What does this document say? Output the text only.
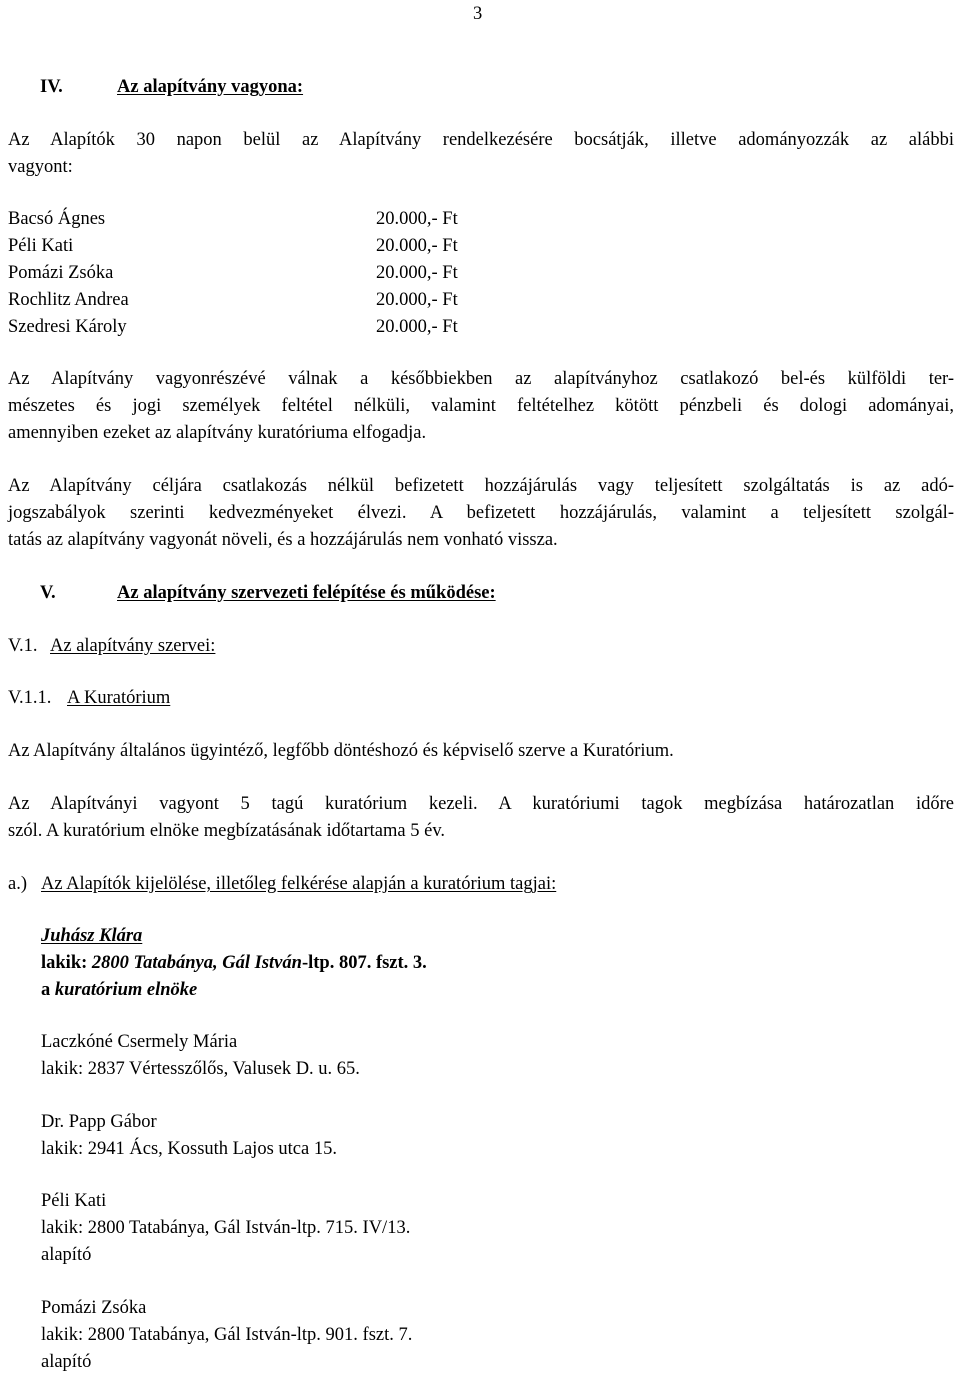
3
IV.	Az alapítvány vagyona:
Az Alapítók 30 napon belül az Alapítvány rendelkezésére bocsátják, illetve adományozzák az alábbi
vagyont:
Bacsó Ágnes	20.000,- Ft
Péli Kati	20.000,- Ft
Pomázi Zsóka	20.000,- Ft
Rochlitz Andrea	20.000,- Ft
Szedresi Károly	20.000,- Ft
Az Alapítvány vagyonrészévé válnak a későbbiekben az alapítványhoz csatlakozó bel-és külföldi ter-
mészetes és jogi személyek feltétel nélküli, valamint feltételhez kötött pénzbeli és dologi adományai,
amennyiben ezeket az alapítvány kuratóriuma elfogadja.
Az Alapítvány céljára csatlakozás nélkül befizetett hozzájárulás vagy teljesített szolgáltatás is az adó-
jogszabályok szerinti kedvezményeket élvezi. A befizetett hozzájárulás, valamint a teljesített szolgál-
tatás az alapítvány vagyonát növeli, és a hozzájárulás nem vonható vissza.
V.	Az alapítvány szervezeti felépítése és működése:
V.1. Az alapítvány szervei:
V.1.1. A Kuratórium
Az Alapítvány általános ügyintéző, legfőbb döntéshozó és képviselő szerve a Kuratórium.
Az Alapítványi vagyont 5 tagú kuratórium kezeli. A kuratóriumi tagok megbízása határozatlan időre
szól. A kuratórium elnöke megbízatásának időtartama 5 év.
a.) Az Alapítók kijelölése, illetőleg felkérése alapján a kuratórium tagjai:
Juhász Klára
lakik: 2800 Tatabánya, Gál István-ltp. 807. fszt. 3.
a kuratórium elnöke
Laczkóné Csermely Mária
lakik: 2837 Vértesszőlős, Valusek D. u. 65.
Dr. Papp Gábor
lakik: 2941 Ács, Kossuth Lajos utca 15.
Péli Kati
lakik: 2800 Tatabánya, Gál István-ltp. 715. IV/13.
alapító
Pomázi Zsóka
lakik: 2800 Tatabánya, Gál István-ltp. 901. fszt. 7.
alapító
